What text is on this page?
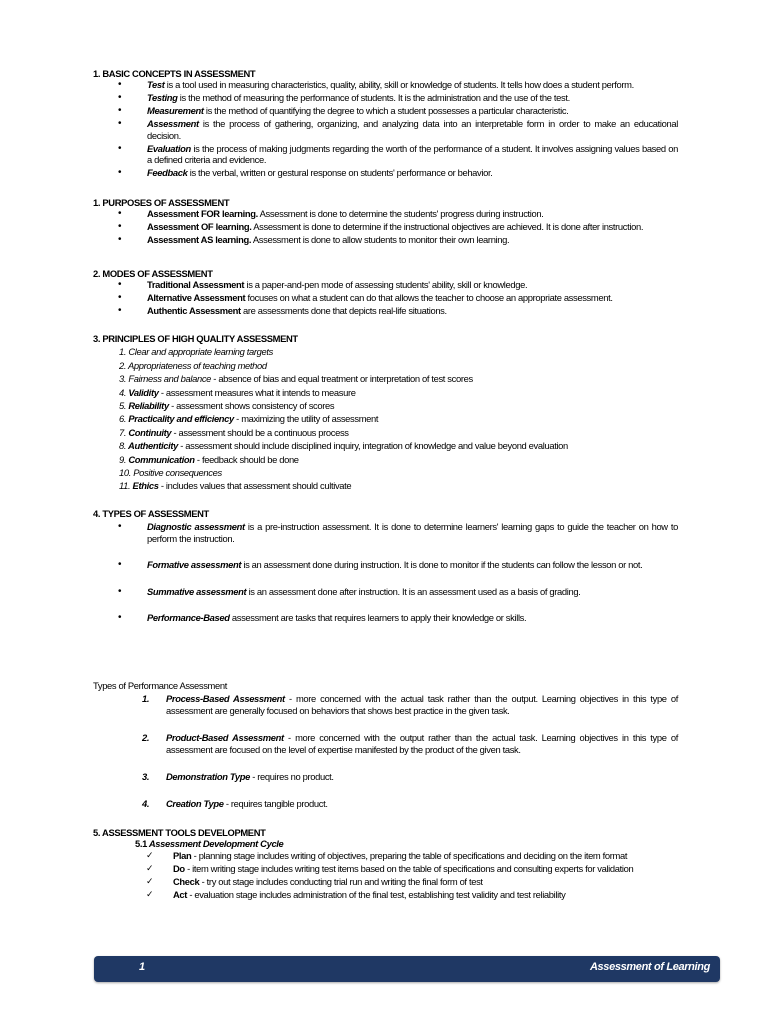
1. BASIC CONCEPTS IN ASSESSMENT
• Test is a tool used in measuring characteristics, quality, ability, skill or knowledge of students. It tells how does a student perform.
• Testing is the method of measuring the performance of students. It is the administration and the use of the test.
• Measurement is the method of quantifying the degree to which a student possesses a particular characteristic.
• Assessment is the process of gathering, organizing, and analyzing data into an interpretable form in order to make an educational decision.
• Evaluation is the process of making judgments regarding the worth of the performance of a student. It involves assigning values based on a defined criteria and evidence.
• Feedback is the verbal, written or gestural response on students' performance or behavior.
1. PURPOSES OF ASSESSMENT
• Assessment FOR learning. Assessment is done to determine the students' progress during instruction.
• Assessment OF learning. Assessment is done to determine if the instructional objectives are achieved. It is done after instruction.
• Assessment AS learning. Assessment is done to allow students to monitor their own learning.
2. MODES OF ASSESSMENT
• Traditional Assessment is a paper-and-pen mode of assessing students' ability, skill or knowledge.
• Alternative Assessment focuses on what a student can do that allows the teacher to choose an appropriate assessment.
• Authentic Assessment are assessments done that depicts real-life situations.
3. PRINCIPLES OF HIGH QUALITY ASSESSMENT
1. Clear and appropriate learning targets
2. Appropriateness of teaching method
3. Fairness and balance - absence of bias and equal treatment or interpretation of test scores
4. Validity - assessment measures what it intends to measure
5. Reliability - assessment shows consistency of scores
6. Practicality and efficiency - maximizing the utility of assessment
7. Continuity - assessment should be a continuous process
8. Authenticity - assessment should include disciplined inquiry, integration of knowledge and value beyond evaluation
9. Communication - feedback should be done
10. Positive consequences
11. Ethics - includes values that assessment should cultivate
4. TYPES OF ASSESSMENT
• Diagnostic assessment is a pre-instruction assessment. It is done to determine learners' learning gaps to guide the teacher on how to perform the instruction.
• Formative assessment is an assessment done during instruction. It is done to monitor if the students can follow the lesson or not.
• Summative assessment is an assessment done after instruction. It is an assessment used as a basis of grading.
• Performance-Based assessment are tasks that requires learners to apply their knowledge or skills.
Types of Performance Assessment
1. Process-Based Assessment - more concerned with the actual task rather than the output. Learning objectives in this type of assessment are generally focused on behaviors that shows best practice in the given task.
2. Product-Based Assessment - more concerned with the output rather than the actual task. Learning objectives in this type of assessment are focused on the level of expertise manifested by the product of the given task.
3. Demonstration Type - requires no product.
4. Creation Type - requires tangible product.
5. ASSESSMENT TOOLS DEVELOPMENT
5.1 Assessment Development Cycle
✓ Plan - planning stage includes writing of objectives, preparing the table of specifications and deciding on the item format
✓ Do - item writing stage includes writing test items based on the table of specifications and consulting experts for validation
✓ Check - try out stage includes conducting trial run and writing the final form of test
✓ Act - evaluation stage includes administration of the final test, establishing test validity and test reliability
1	Assessment of Learning
